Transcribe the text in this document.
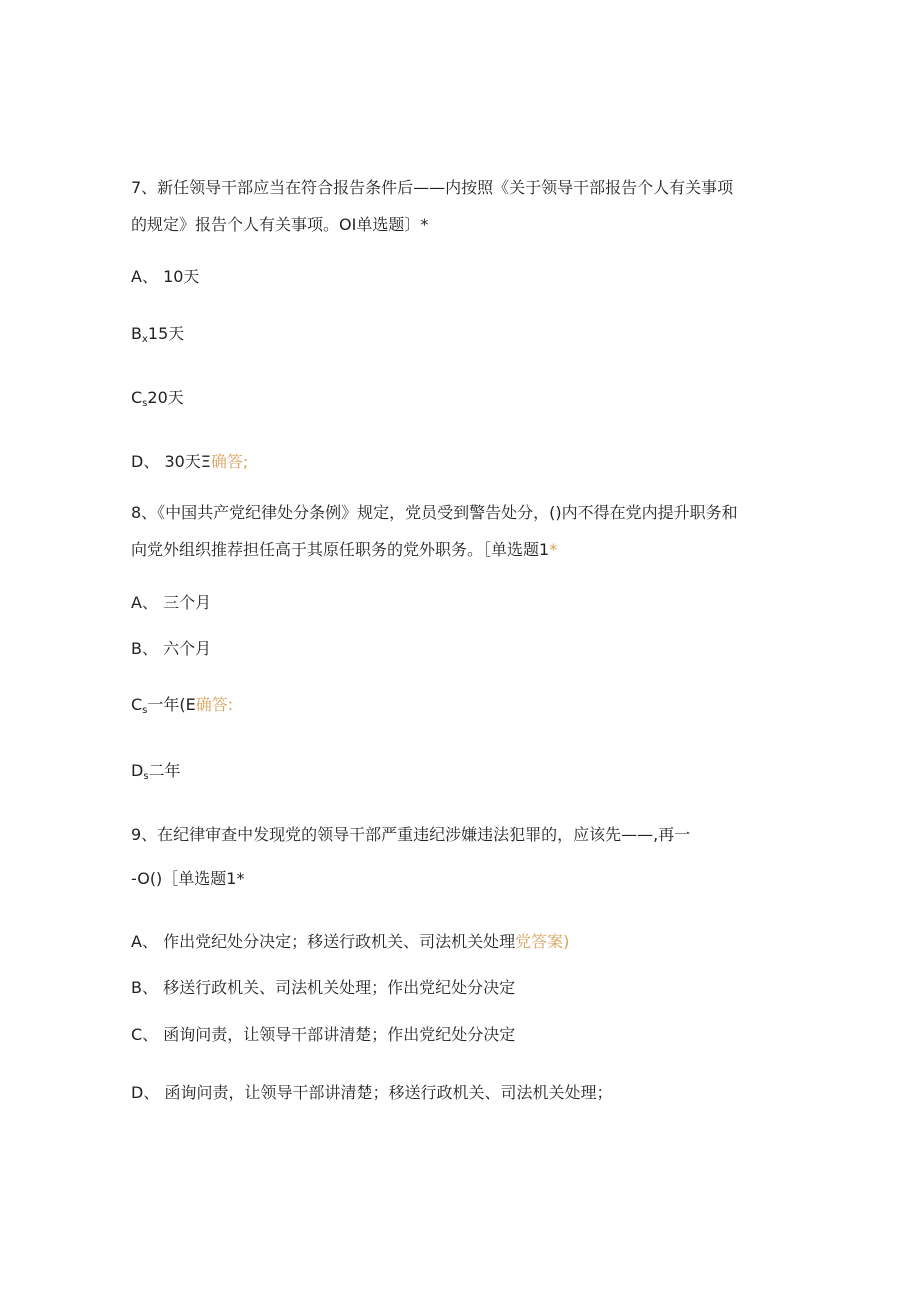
7、新任领导干部应当在符合报告条件后——内按照《关于领导干部报告个人有关事项
的规定》报告个人有关事项。OI单选题〕*
A、 10天
$B_x15$天
$C_s20$天
D、 30天Ξ确答;
8、《中国共产党纪律处分条例》规定，党员受到警告处分，()内不得在党内提升职务和
向党外组织推荐担任高于其原任职务的党外职务。［单选题1*
A、 三个月
B、 六个月
$C_s$一年(E确答:
$D_s$二年
9、在纪律审查中发现党的领导干部严重违纪涉嫌违法犯罪的，应该先——,再一
-O()［单选题1*
A、 作出党纪处分决定；移送行政机关、司法机关处理党答案)
B、 移送行政机关、司法机关处理；作出党纪处分决定
C、 函询问责，让领导干部讲清楚；作出党纪处分决定
D、 函询问责，让领导干部讲清楚；移送行政机关、司法机关处理；
